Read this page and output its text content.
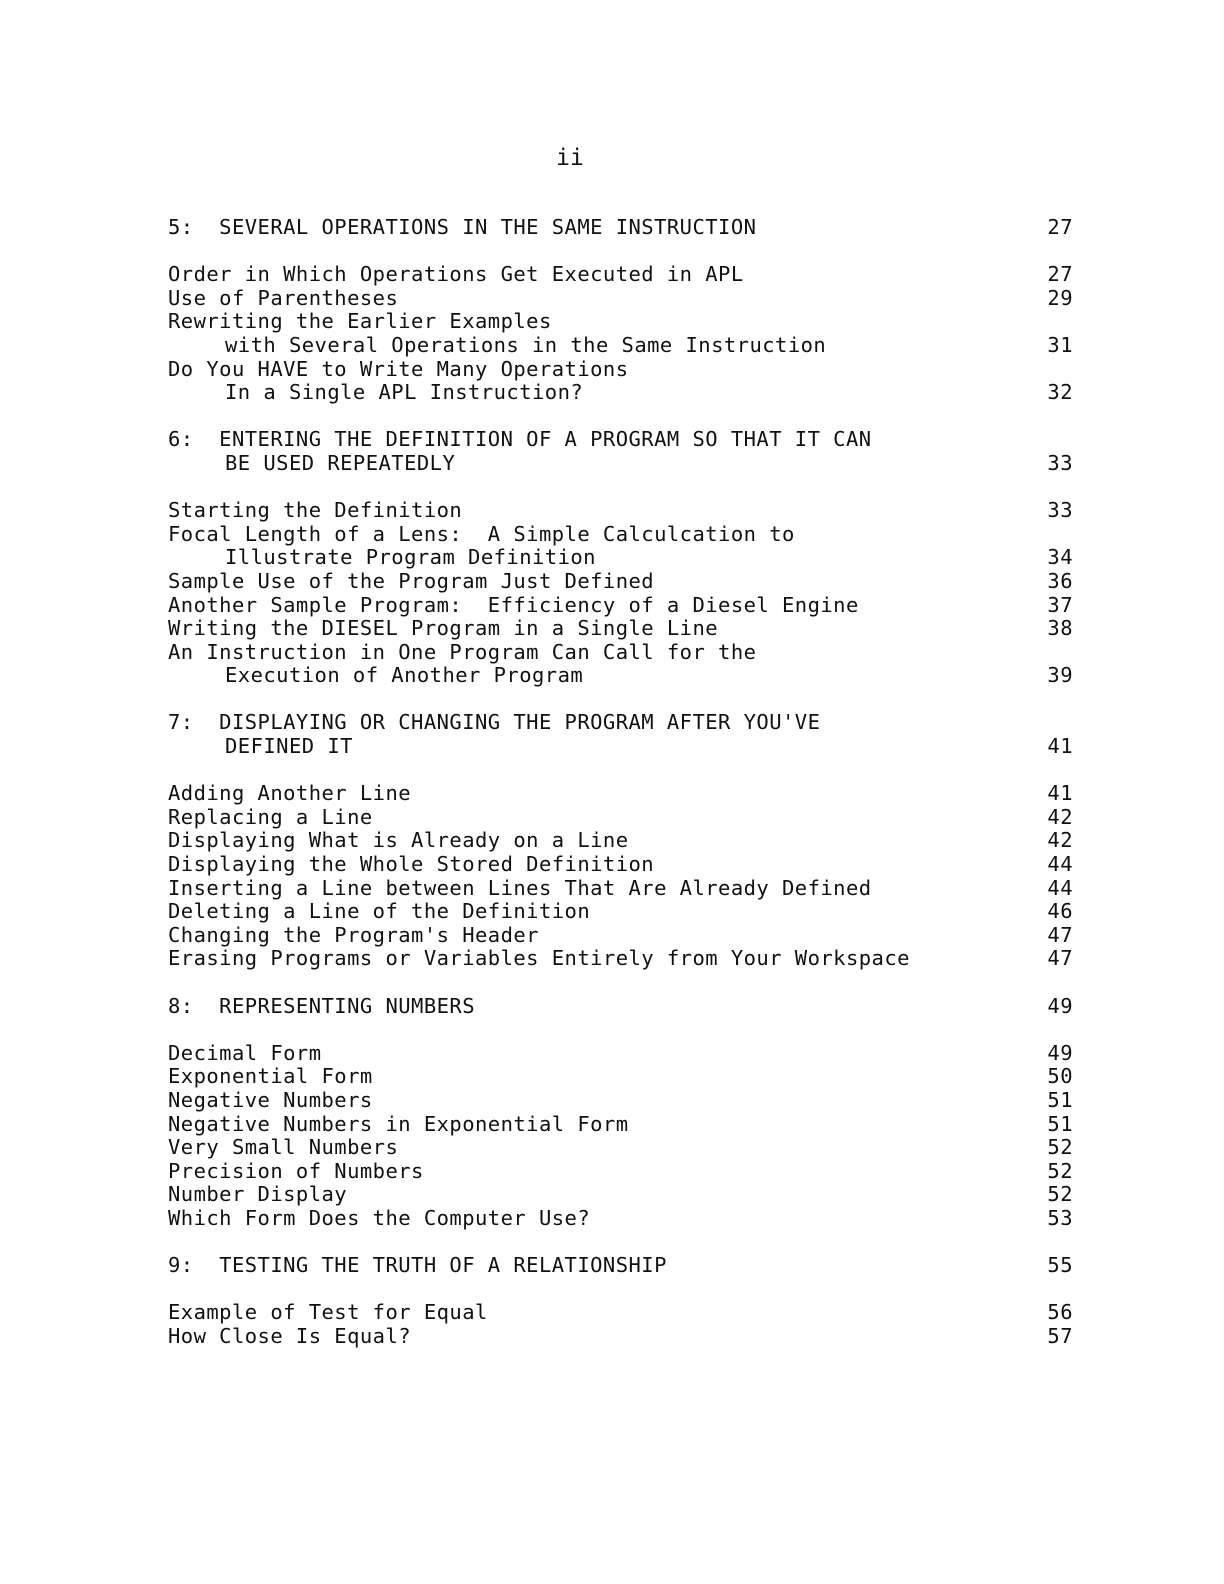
ii
5:  SEVERAL OPERATIONS IN THE SAME INSTRUCTION	27
Order in Which Operations Get Executed in APL	27
Use of Parentheses	29
Rewriting the Earlier Examples
with Several Operations in the Same Instruction	31
Do You HAVE to Write Many Operations
In a Single APL Instruction?	32
6:  ENTERING THE DEFINITION OF A PROGRAM SO THAT IT CAN
BE USED REPEATEDLY	33
Starting the Definition	33
Focal Length of a Lens:  A Simple Calculcation to
Illustrate Program Definition	34
Sample Use of the Program Just Defined	36
Another Sample Program:  Efficiency of a Diesel Engine	37
Writing the DIESEL Program in a Single Line	38
An Instruction in One Program Can Call for the
Execution of Another Program	39
7:  DISPLAYING OR CHANGING THE PROGRAM AFTER YOU'VE
DEFINED IT	41
Adding Another Line	41
Replacing a Line	42
Displaying What is Already on a Line	42
Displaying the Whole Stored Definition	44
Inserting a Line between Lines That Are Already Defined	44
Deleting a Line of the Definition	46
Changing the Program's Header	47
Erasing Programs or Variables Entirely from Your Workspace	47
8:  REPRESENTING NUMBERS	49
Decimal Form	49
Exponential Form	50
Negative Numbers	51
Negative Numbers in Exponential Form	51
Very Small Numbers	52
Precision of Numbers	52
Number Display	52
Which Form Does the Computer Use?	53
9:  TESTING THE TRUTH OF A RELATIONSHIP	55
Example of Test for Equal	56
How Close Is Equal?	57
